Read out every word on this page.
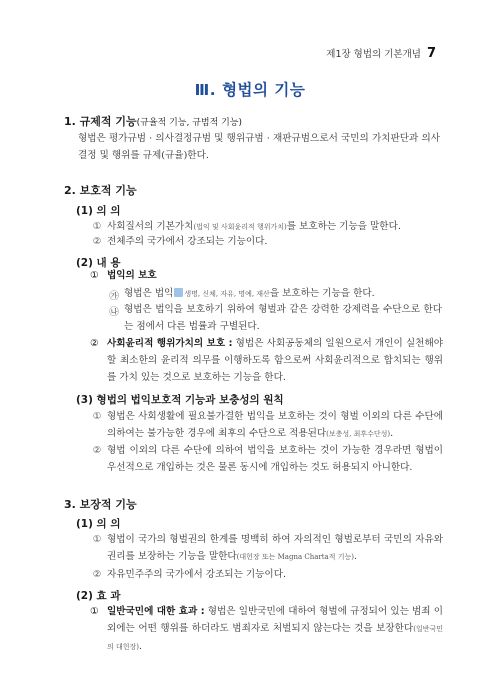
제1장 형법의 기본개념 7
Ⅲ. 형법의 기능
1. 규제적 기능(규율적 기능, 규범적 기능)
형법은 평가규범 · 의사결정규범 및 행위규범 · 재판규범으로서 국민의 가치판단과 의사결정 및 행위를 규제(규율)한다.
2. 보호적 기능
(1) 의 의
① 사회질서의 기본가치(법익 및 사회윤리적 행위가치)를 보호하는 기능을 말한다.
② 전체주의 국가에서 강조되는 기능이다.
(2) 내 용
① 법익의 보호
㉮ 형법은 법익 생명, 신체, 자유, 명예, 재산을 보호하는 기능을 한다.
㉯ 형법은 법익을 보호하기 위하여 형벌과 같은 강력한 강제력을 수단으로 한다는 점에서 다른 법률과 구별된다.
② 사회윤리적 행위가치의 보호 : 형법은 사회공동체의 일원으로서 개인이 실천해야 할 최소한의 윤리적 의무를 이행하도록 함으로써 사회윤리적으로 합치되는 행위를 가치 있는 것으로 보호하는 기능을 한다.
(3) 형법의 법익보호적 기능과 보충성의 원칙
① 형법은 사회생활에 필요불가결한 법익을 보호하는 것이 형벌 이외의 다른 수단에 의하여는 불가능한 경우에 최후의 수단으로 적용된다(보충성, 최후수단성).
② 형법 이외의 다른 수단에 의하여 법익을 보호하는 것이 가능한 경우라면 형법이 우선적으로 개입하는 것은 물론 동시에 개입하는 것도 허용되지 아니한다.
3. 보장적 기능
(1) 의 의
① 형법이 국가의 형벌권의 한계를 명백히 하여 자의적인 형벌로부터 국민의 자유와 권리를 보장하는 기능을 말한다(대헌장 또는 Magna Charta적 기능).
② 자유민주주의 국가에서 강조되는 기능이다.
(2) 효 과
① 일반국민에 대한 효과 : 형법은 일반국민에 대하여 형벌에 규정되어 있는 범죄 이외에는 어떤 행위를 하더라도 범죄자로 처벌되지 않는다는 것을 보장한다(일반국민의 대헌장).
